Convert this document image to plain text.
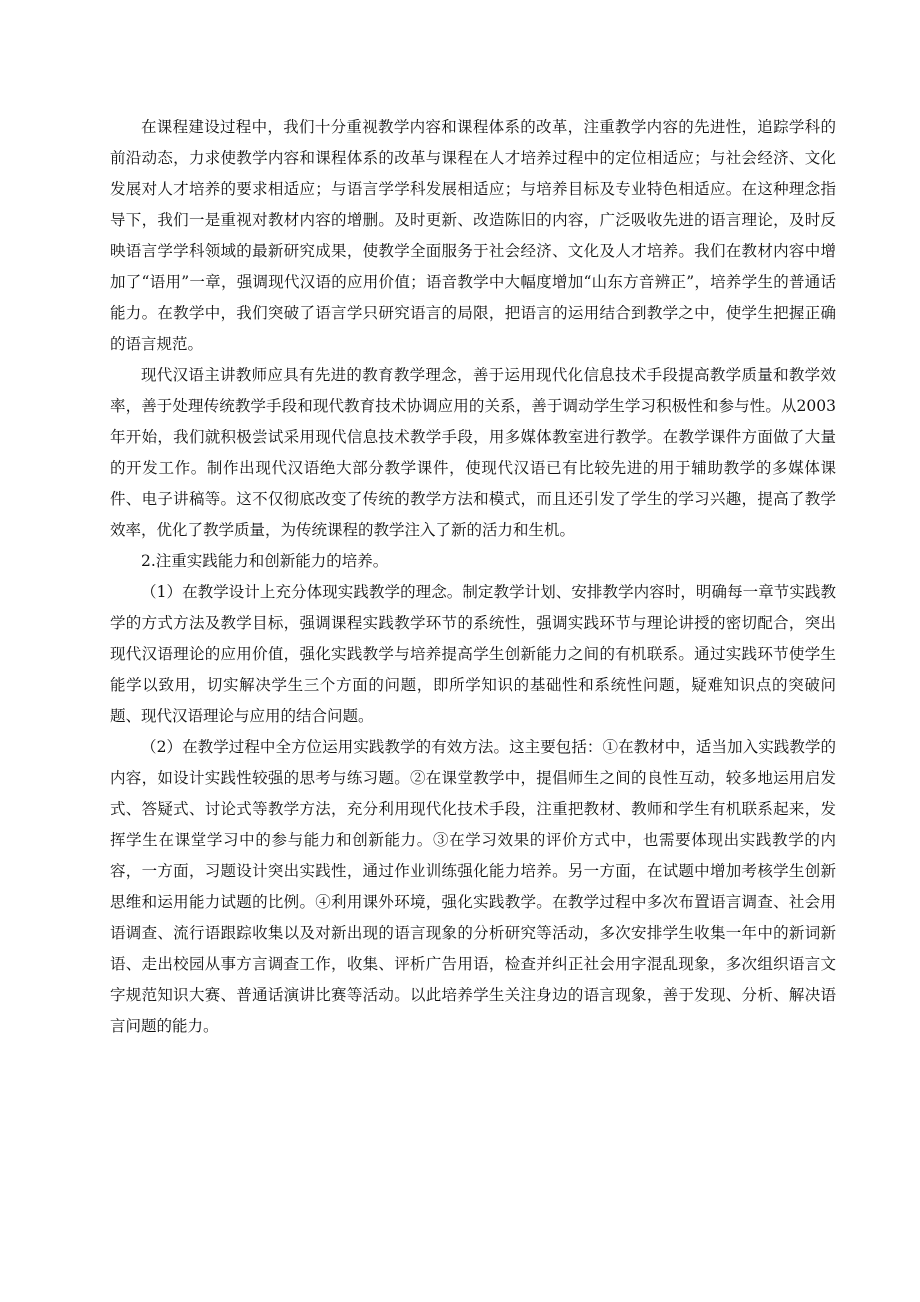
在课程建设过程中，我们十分重视教学内容和课程体系的改革，注重教学内容的先进性，追踪学科的前沿动态，力求使教学内容和课程体系的改革与课程在人才培养过程中的定位相适应；与社会经济、文化发展对人才培养的要求相适应；与语言学学科发展相适应；与培养目标及专业特色相适应。在这种理念指导下，我们一是重视对教材内容的增删。及时更新、改造陈旧的内容，广泛吸收先进的语言理论，及时反映语言学学科领域的最新研究成果，使教学全面服务于社会经济、文化及人才培养。我们在教材内容中增加了“语用”一章，强调现代汉语的应用价值；语音教学中大幅度增加“山东方音辨正”，培养学生的普通话能力。在教学中，我们突破了语言学只研究语言的局限，把语言的运用结合到教学之中，使学生把握正确的语言规范。

现代汉语主讲教师应具有先进的教育教学理念，善于运用现代化信息技术手段提高教学质量和教学效率，善于处理传统教学手段和现代教育技术协调应用的关系，善于调动学生学习积极性和参与性。从2003年开始，我们就积极尝试采用现代信息技术教学手段，用多媒体教室进行教学。在教学课件方面做了大量的开发工作。制作出现代汉语绝大部分教学课件，使现代汉语已有比较先进的用于辅助教学的多媒体课件、电子讲稿等。这不仅彻底改变了传统的教学方法和模式，而且还引发了学生的学习兴趣，提高了教学效率，优化了教学质量，为传统课程的教学注入了新的活力和生机。

2.注重实践能力和创新能力的培养。

（1）在教学设计上充分体现实践教学的理念。制定教学计划、安排教学内容时，明确每一章节实践教学的方式方法及教学目标，强调课程实践教学环节的系统性，强调实践环节与理论讲授的密切配合，突出现代汉语理论的应用价值，强化实践教学与培养提高学生创新能力之间的有机联系。通过实践环节使学生能学以致用，切实解决学生三个方面的问题，即所学知识的基础性和系统性问题，疑难知识点的突破问题、现代汉语理论与应用的结合问题。

（2）在教学过程中全方位运用实践教学的有效方法。这主要包括：①在教材中，适当加入实践教学的内容，如设计实践性较强的思考与练习题。②在课堂教学中，提倡师生之间的良性互动，较多地运用启发式、答疑式、讨论式等教学方法，充分利用现代化技术手段，注重把教材、教师和学生有机联系起来，发挥学生在课堂学习中的参与能力和创新能力。③在学习效果的评价方式中，也需要体现出实践教学的内容，一方面，习题设计突出实践性，通过作业训练强化能力培养。另一方面，在试题中增加考核学生创新思维和运用能力试题的比例。④利用课外环境，强化实践教学。在教学过程中多次布置语言调查、社会用语调查、流行语跟踪收集以及对新出现的语言现象的分析研究等活动，多次安排学生收集一年中的新词新语、走出校园从事方言调查工作，收集、评析广告用语，检查并纠正社会用字混乱现象，多次组织语言文字规范知识大赛、普通话演讲比赛等活动。以此培养学生关注身边的语言现象，善于发现、分析、解决语言问题的能力。
